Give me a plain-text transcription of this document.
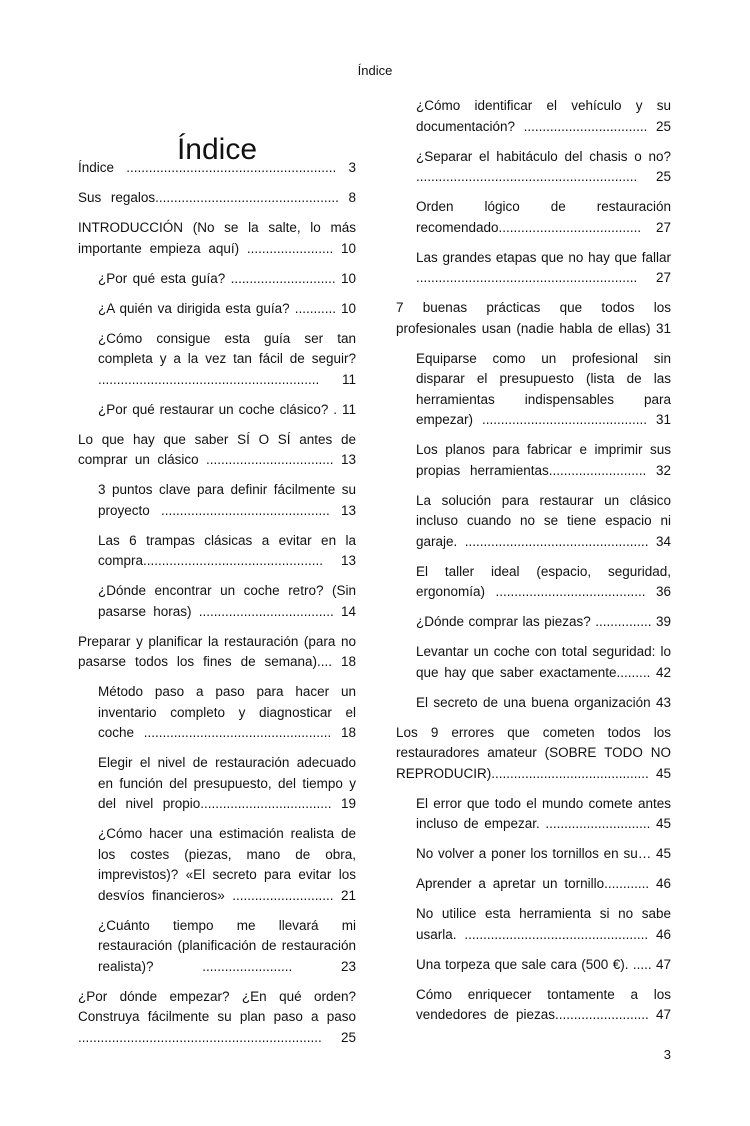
Índice
Índice
Índice ........................................................ 3
Sus regalos................................................. 8
INTRODUCCIÓN (No se la salte, lo más importante empieza aquí) ....................... 10
¿Por qué esta guía? ............................ 10
¿A quién va dirigida esta guía? ........... 10
¿Cómo consigue esta guía ser tan completa y a la vez tan fácil de seguir? ........................................................... 11
¿Por qué restaurar un coche clásico? . 11
Lo que hay que saber SÍ O SÍ antes de comprar un clásico .................................. 13
3 puntos clave para definir fácilmente su proyecto ............................................. 13
Las 6 trampas clásicas a evitar en la compra................................................ 13
¿Dónde encontrar un coche retro? (Sin pasarse horas) .................................... 14
Preparar y planificar la restauración (para no pasarse todos los fines de semana).... 18
Método paso a paso para hacer un inventario completo y diagnosticar el coche .................................................. 18
Elegir el nivel de restauración adecuado en función del presupuesto, del tiempo y del nivel propio................................... 19
¿Cómo hacer una estimación realista de los costes (piezas, mano de obra, imprevistos)? «El secreto para evitar los desvíos financieros» ........................... 21
¿Cuánto tiempo me llevará mi restauración (planificación de restauración realista)? ........................ 23
¿Por dónde empezar? ¿En qué orden? Construya fácilmente su plan paso a paso ................................................................. 25
¿Cómo identificar el vehículo y su documentación? ................................. 25
¿Separar el habitáculo del chasis o no? ........................................................... 25
Orden lógico de restauración recomendado...................................... 27
Las grandes etapas que no hay que fallar ........................................................... 27
7 buenas prácticas que todos los profesionales usan (nadie habla de ellas) 31
Equiparse como un profesional sin disparar el presupuesto (lista de las herramientas indispensables para empezar) ............................................ 31
Los planos para fabricar e imprimir sus propias herramientas.......................... 32
La solución para restaurar un clásico incluso cuando no se tiene espacio ni garaje. ................................................. 34
El taller ideal (espacio, seguridad, ergonomía) ........................................ 36
¿Dónde comprar las piezas? ............... 39
Levantar un coche con total seguridad: lo que hay que saber exactamente......... 42
El secreto de una buena organización 43
Los 9 errores que cometen todos los restauradores amateur (SOBRE TODO NO REPRODUCIR).......................................... 45
El error que todo el mundo comete antes incluso de empezar. ............................ 45
No volver a poner los tornillos en su… 45
Aprender a apretar un tornillo............ 46
No utilice esta herramienta si no sabe usarla. ................................................. 46
Una torpeza que sale cara (500 €). ..... 47
Cómo enriquecer tontamente a los vendedores de piezas......................... 47
3
